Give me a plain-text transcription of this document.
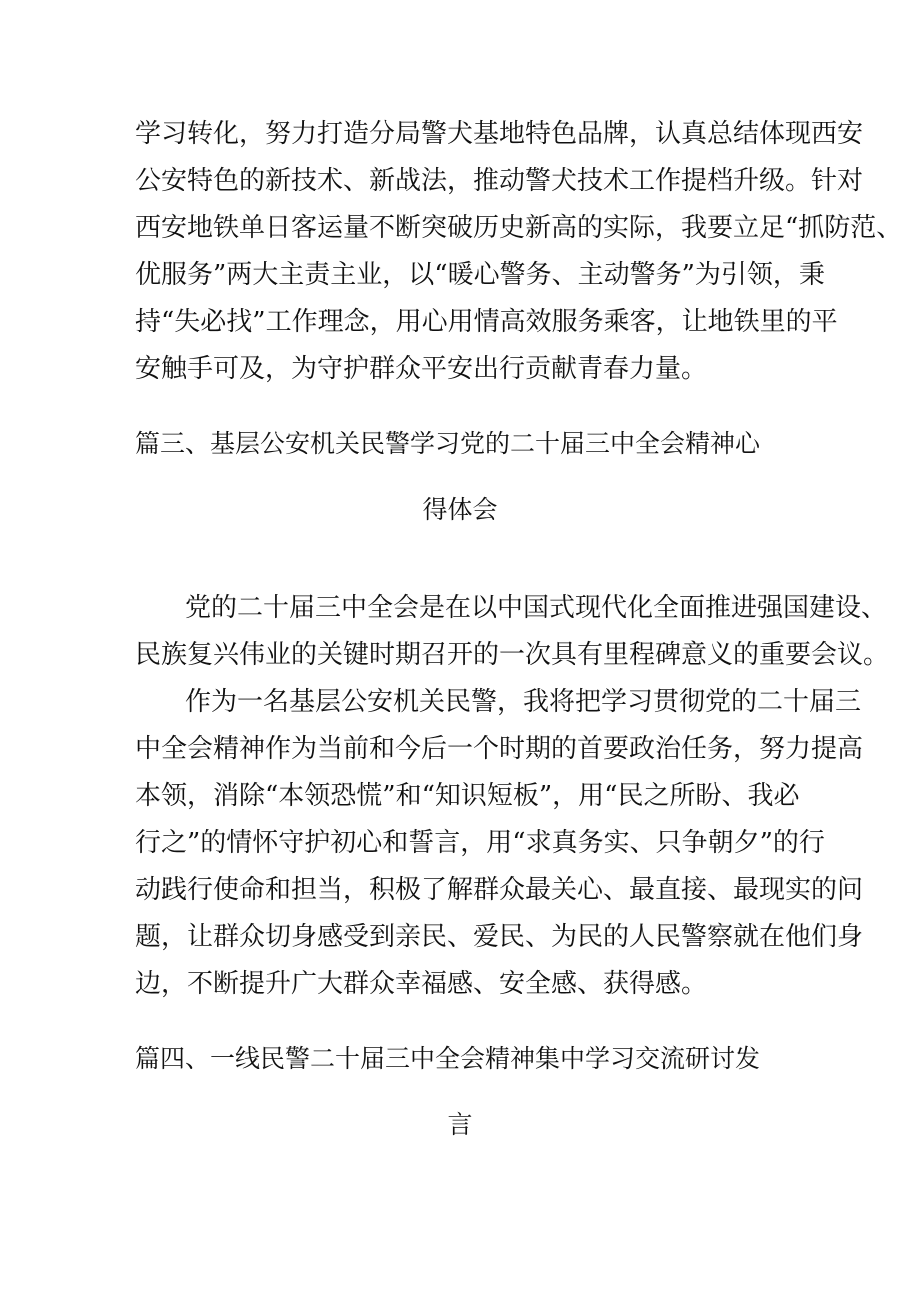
学习转化，努力打造分局警犬基地特色品牌，认真总结体现西安
公安特色的新技术、新战法，推动警犬技术工作提档升级。针对
西安地铁单日客运量不断突破历史新高的实际，我要立足“抓防范、
优服务”两大主责主业，以“暖心警务、主动警务”为引领，秉
持“失必找”工作理念，用心用情高效服务乘客，让地铁里的平
安触手可及，为守护群众平安出行贡献青春力量。
篇三、基层公安机关民警学习党的二十届三中全会精神心
得体会
党的二十届三中全会是在以中国式现代化全面推进强国建设、
民族复兴伟业的关键时期召开的一次具有里程碑意义的重要会议。
作为一名基层公安机关民警，我将把学习贯彻党的二十届三
中全会精神作为当前和今后一个时期的首要政治任务，努力提高
本领，消除“本领恐慌”和“知识短板”，用“民之所盼、我必
行之”的情怀守护初心和誓言，用“求真务实、只争朝夕”的行
动践行使命和担当，积极了解群众最关心、最直接、最现实的问
题，让群众切身感受到亲民、爱民、为民的人民警察就在他们身
边，不断提升广大群众幸福感、安全感、获得感。
篇四、一线民警二十届三中全会精神集中学习交流研讨发
言
